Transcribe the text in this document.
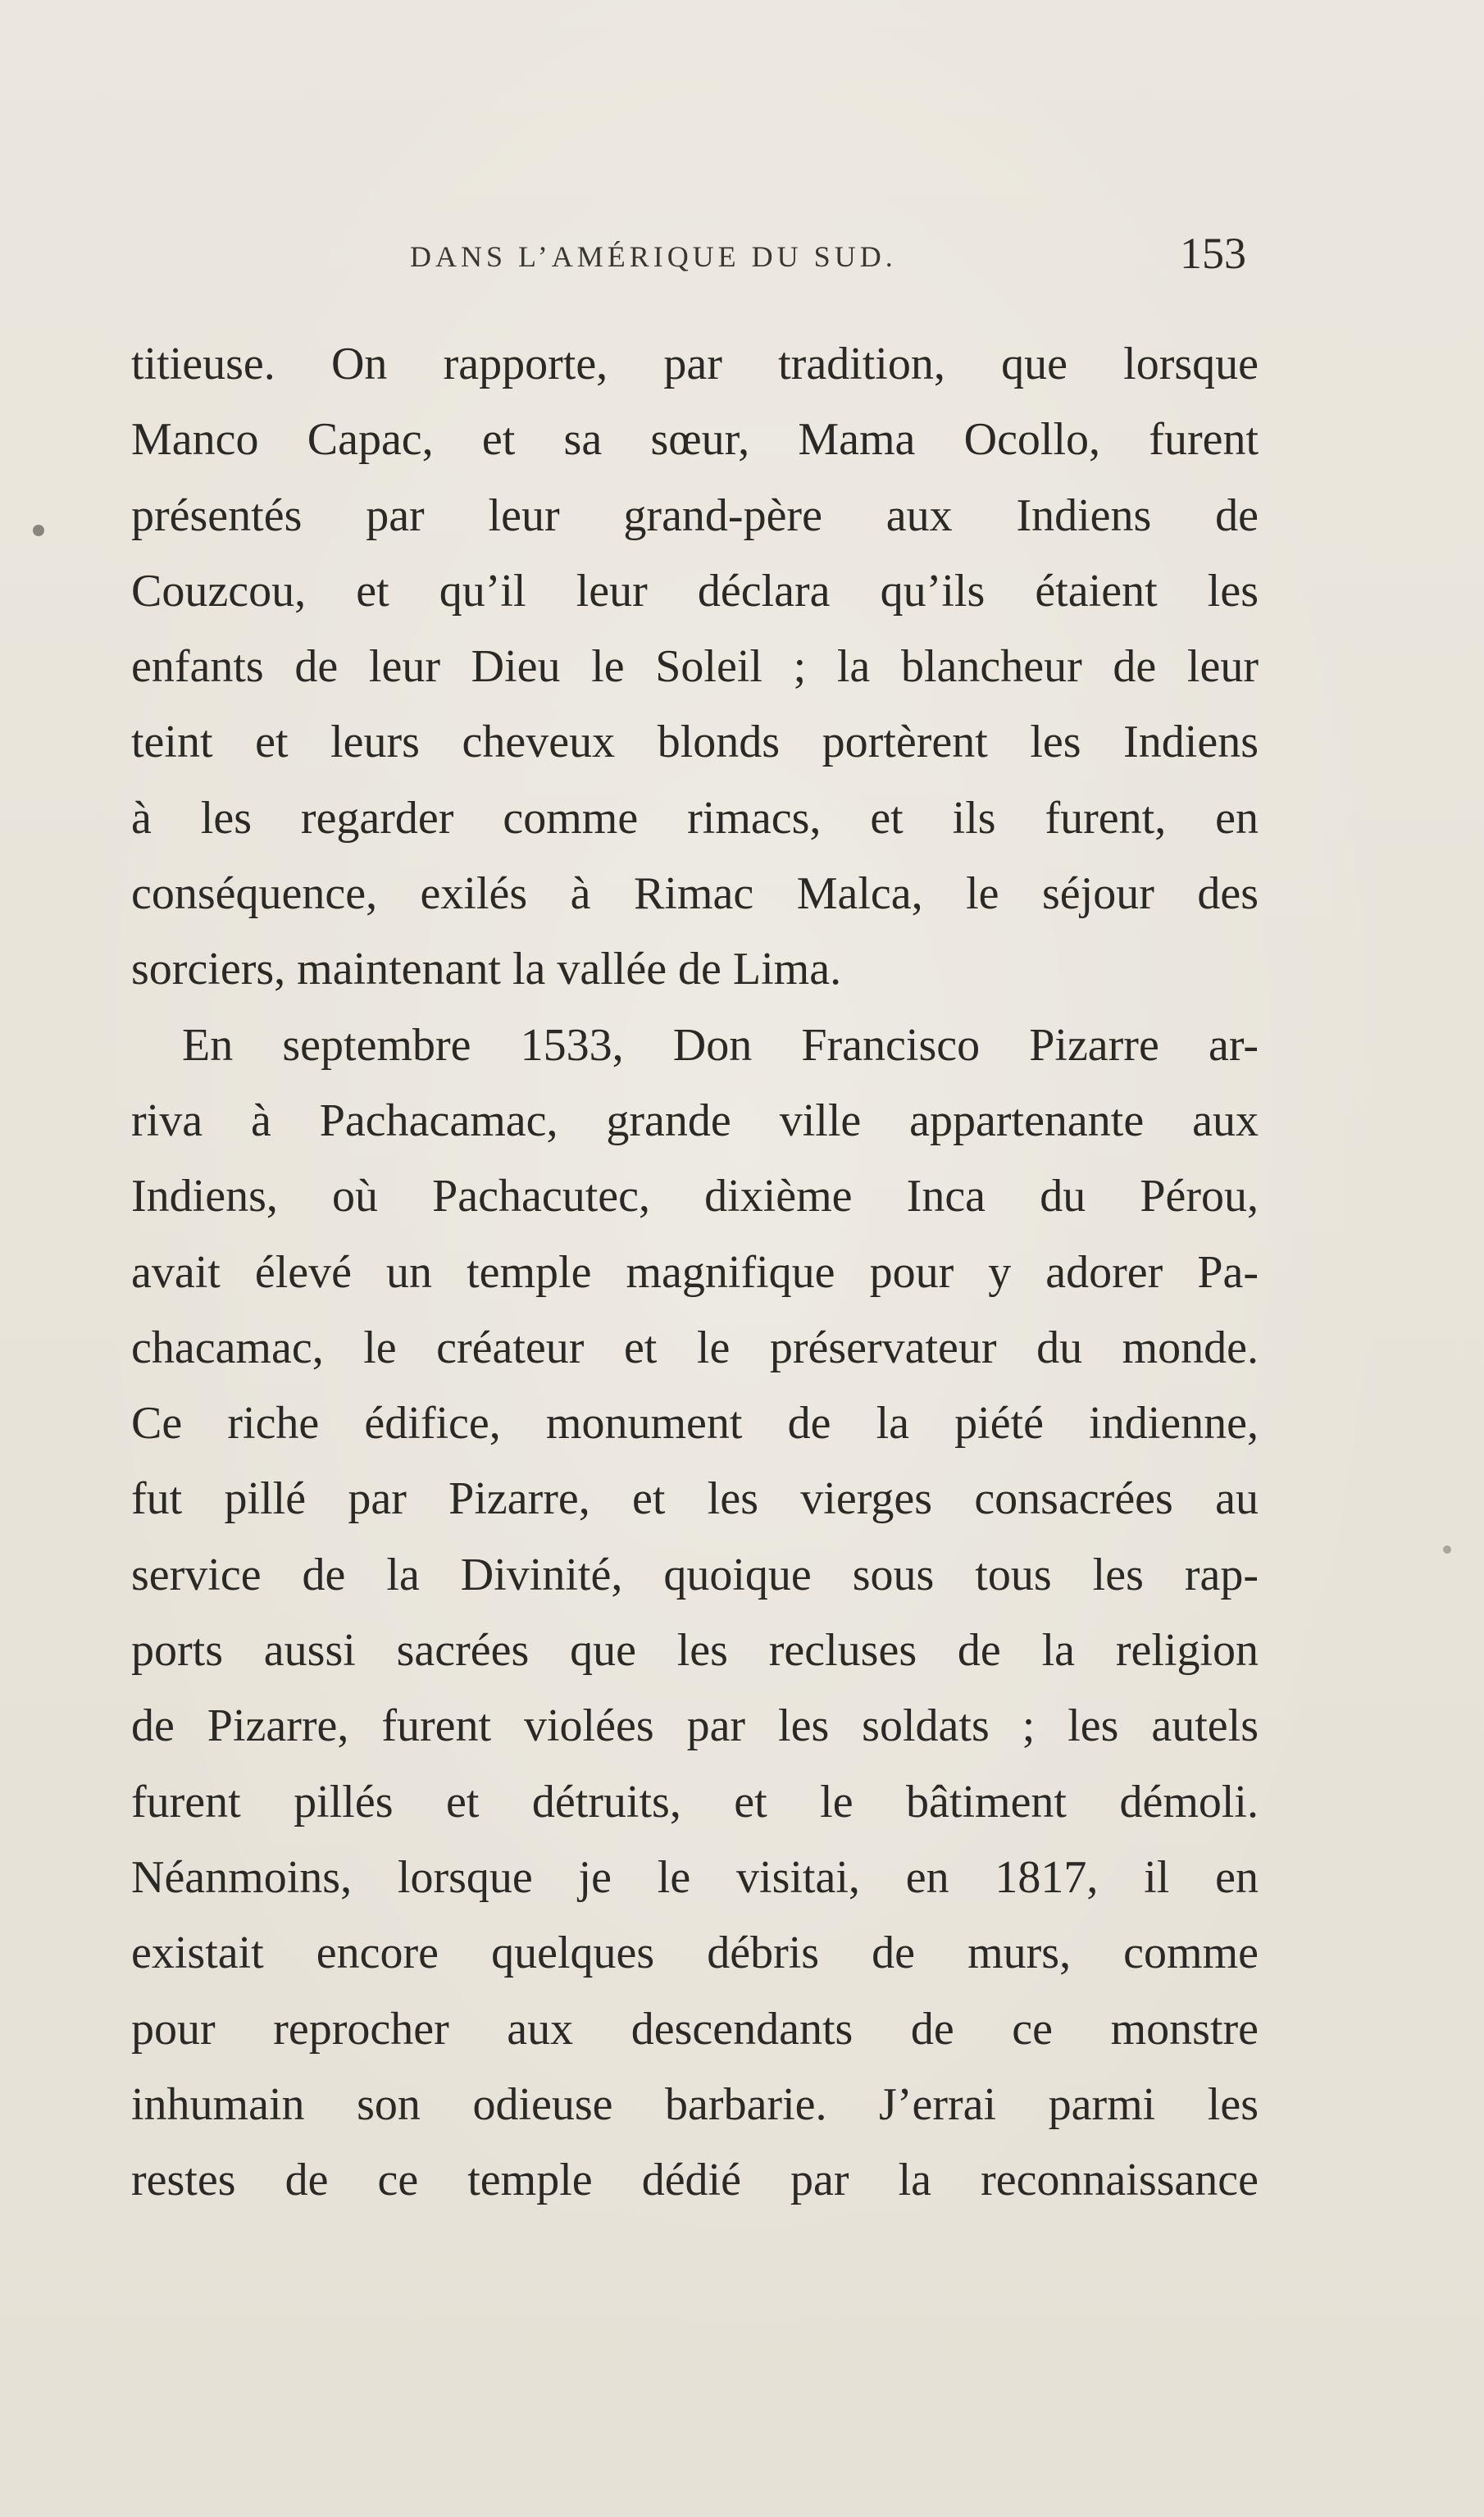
DANS L’AMÉRIQUE DU SUD.	153
titieuse. On rapporte, par tradition, que lorsque
Manco Capac, et sa sœur, Mama Ocollo, furent
présentés par leur grand-père aux Indiens de
Couzcou, et qu’il leur déclara qu’ils étaient les
enfants de leur Dieu le Soleil ; la blancheur de leur
teint et leurs cheveux blonds portèrent les Indiens
à les regarder comme rimacs, et ils furent, en
conséquence, exilés à Rimac Malca, le séjour des
sorciers, maintenant la vallée de Lima.
En septembre 1533, Don Francisco Pizarre ar-
riva à Pachacamac, grande ville appartenante aux
Indiens, où Pachacutec, dixième Inca du Pérou,
avait élevé un temple magnifique pour y adorer Pa-
chacamac, le créateur et le préservateur du monde.
Ce riche édifice, monument de la piété indienne,
fut pillé par Pizarre, et les vierges consacrées au
service de la Divinité, quoique sous tous les rap-
ports aussi sacrées que les recluses de la religion
de Pizarre, furent violées par les soldats ; les autels
furent pillés et détruits, et le bâtiment démoli.
Néanmoins, lorsque je le visitai, en 1817, il en
existait encore quelques débris de murs, comme
pour reprocher aux descendants de ce monstre
inhumain son odieuse barbarie. J’errai parmi les
restes de ce temple dédié par la reconnaissance
